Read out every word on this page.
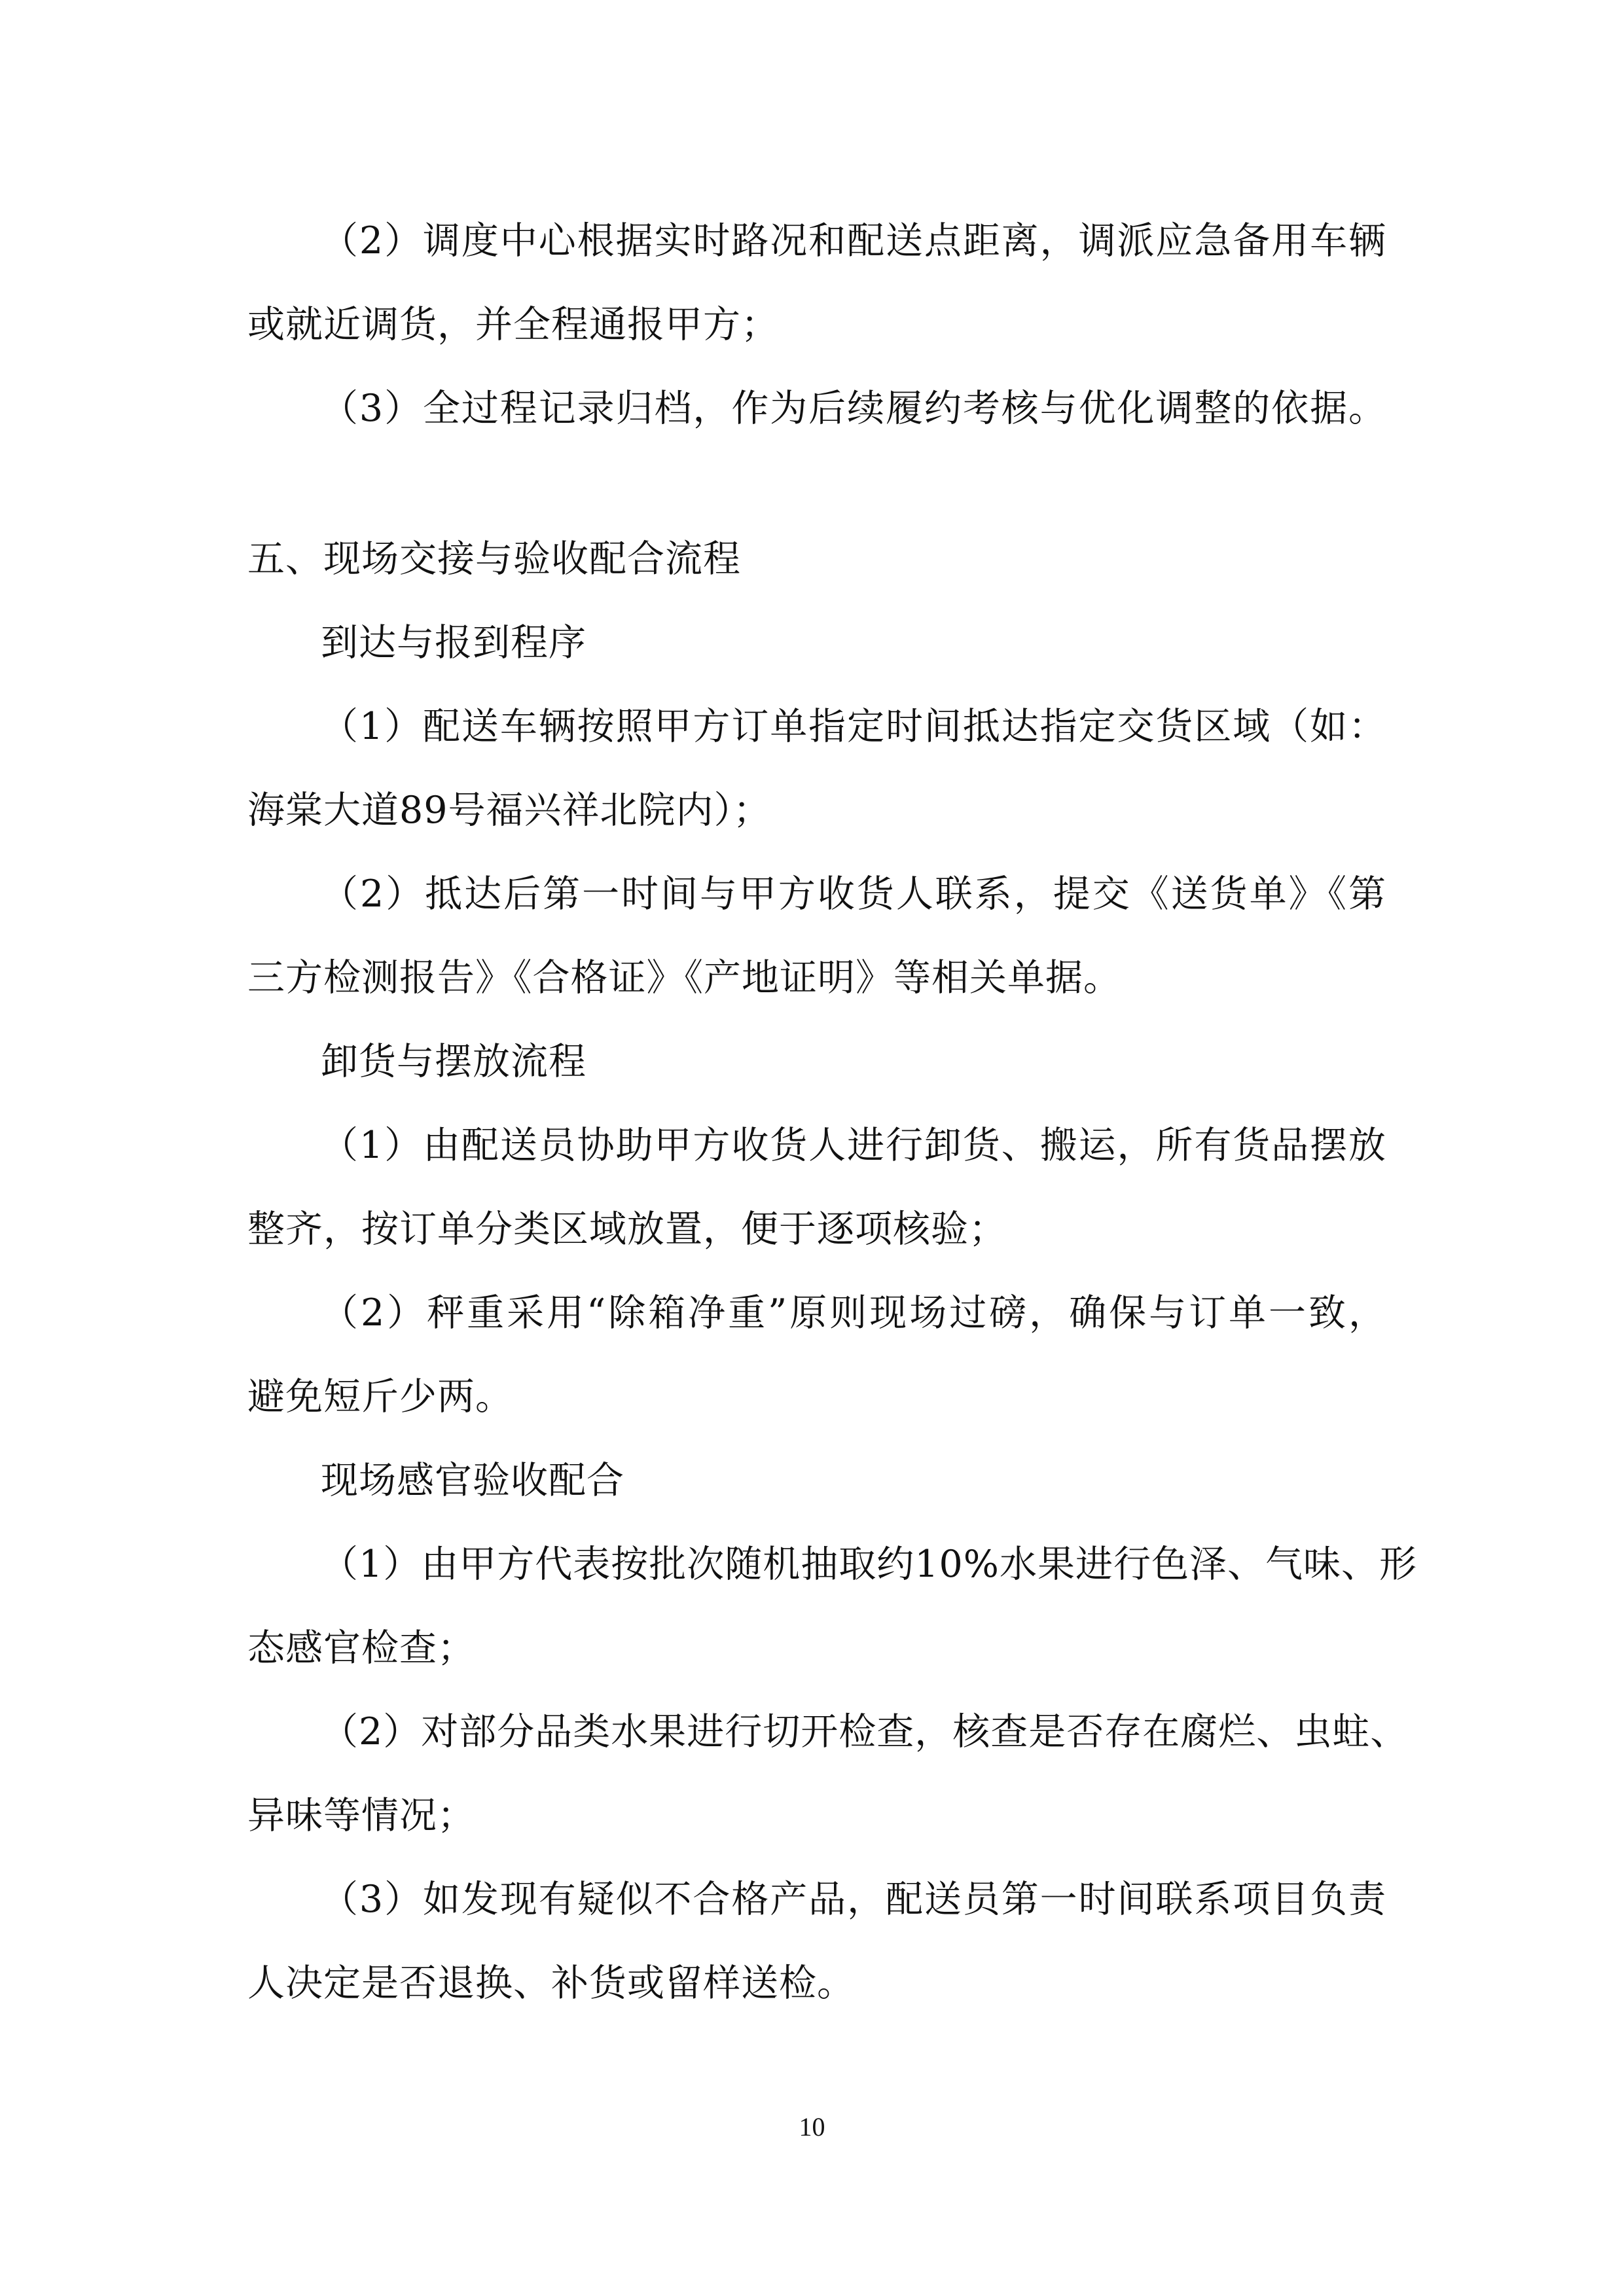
（2）调度中心根据实时路况和配送点距离，调派应急备用车辆
或就近调货，并全程通报甲方；
（3）全过程记录归档，作为后续履约考核与优化调整的依据。
五、现场交接与验收配合流程
到达与报到程序
（1）配送车辆按照甲方订单指定时间抵达指定交货区域（如：
海棠大道89号福兴祥北院内）；
（2）抵达后第一时间与甲方收货人联系，提交《送货单》《第
三方检测报告》《合格证》《产地证明》等相关单据。
卸货与摆放流程
（1）由配送员协助甲方收货人进行卸货、搬运，所有货品摆放
整齐，按订单分类区域放置，便于逐项核验；
（2）秤重采用“除箱净重”原则现场过磅，确保与订单一致，
避免短斤少两。
现场感官验收配合
（1）由甲方代表按批次随机抽取约10%水果进行色泽、气味、形
态感官检查；
（2）对部分品类水果进行切开检查，核查是否存在腐烂、虫蛀、
异味等情况；
（3）如发现有疑似不合格产品，配送员第一时间联系项目负责
人决定是否退换、补货或留样送检。
10
